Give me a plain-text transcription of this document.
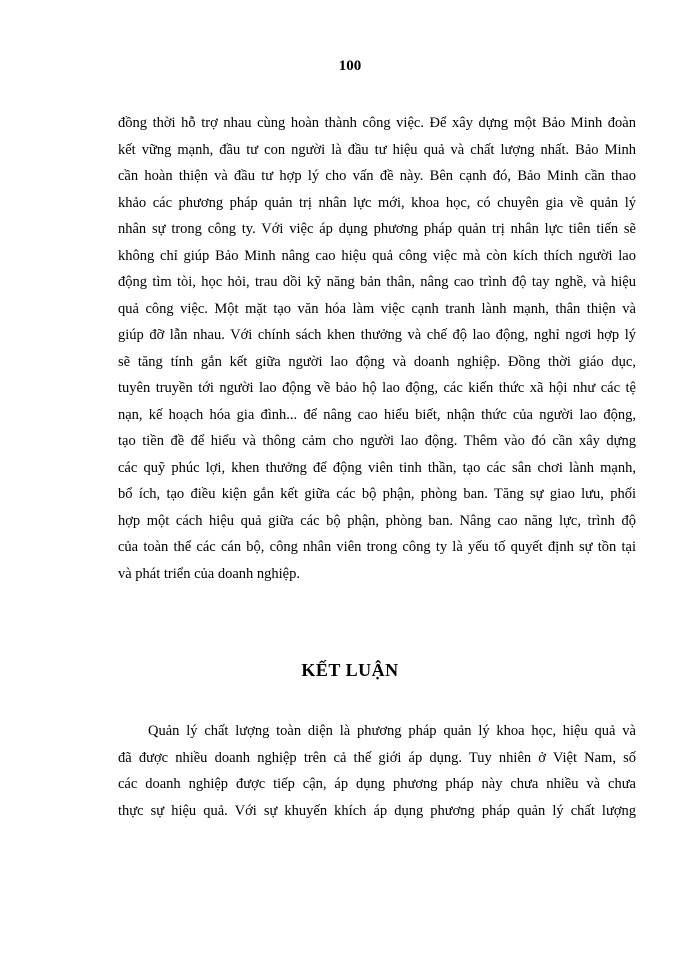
100
đồng thời hỗ trợ nhau cùng hoàn thành công việc. Để xây dựng một Bảo Minh đoàn
kết vững mạnh, đầu tư con người là đầu tư hiệu quả và chất lượng nhất. Bảo Minh
cần hoàn thiện và đầu tư hợp lý cho vấn đề này. Bên cạnh đó, Bảo Minh cần thao
khảo các phương pháp quản trị nhân lực mới, khoa học, có chuyên gia về quản lý
nhân sự trong công ty. Với việc áp dụng phương pháp quản trị nhân lực tiên tiến sẽ
không chỉ giúp Bảo Minh nâng cao hiệu quả công việc mà còn kích thích người lao
động tìm tòi, học hỏi, trau dồi kỹ năng bản thân, nâng cao trình độ tay nghề, và hiệu
quả công việc. Một mặt tạo văn hóa làm việc cạnh tranh lành mạnh, thân thiện và
giúp đỡ lẫn nhau. Với chính sách khen thưởng và chế độ lao động, nghỉ ngơi hợp lý
sẽ tăng tính gắn kết giữa người lao động và doanh nghiệp. Đồng thời giáo dục,
tuyên truyền tới người lao động về bảo hộ lao động, các kiến thức xã hội như các tệ
nạn, kế hoạch hóa gia đình... để nâng cao hiểu biết, nhận thức của người lao động,
tạo tiền đề để hiểu và thông cảm cho người lao động. Thêm vào đó cần xây dựng
các quỹ phúc lợi, khen thưởng để động viên tinh thần, tạo các sân chơi lành mạnh,
bổ ích, tạo điều kiện gắn kết giữa các bộ phận, phòng ban. Tăng sự giao lưu, phối
hợp một cách hiệu quả giữa các bộ phận, phòng ban. Nâng cao năng lực, trình độ
của toàn thể các cán bộ, công nhân viên trong công ty là yếu tố quyết định sự tồn tại
và phát triển của doanh nghiệp.
KẾT LUẬN
Quản lý chất lượng toàn diện là phương pháp quản lý khoa học, hiệu quả và
đã được nhiều doanh nghiệp trên cả thế giới áp dụng. Tuy nhiên ở Việt Nam, số
các doanh nghiệp được tiếp cận, áp dụng phương pháp này chưa nhiều và chưa
thực sự hiệu quả. Với sự khuyến khích áp dụng phương pháp quản lý chất lượng
